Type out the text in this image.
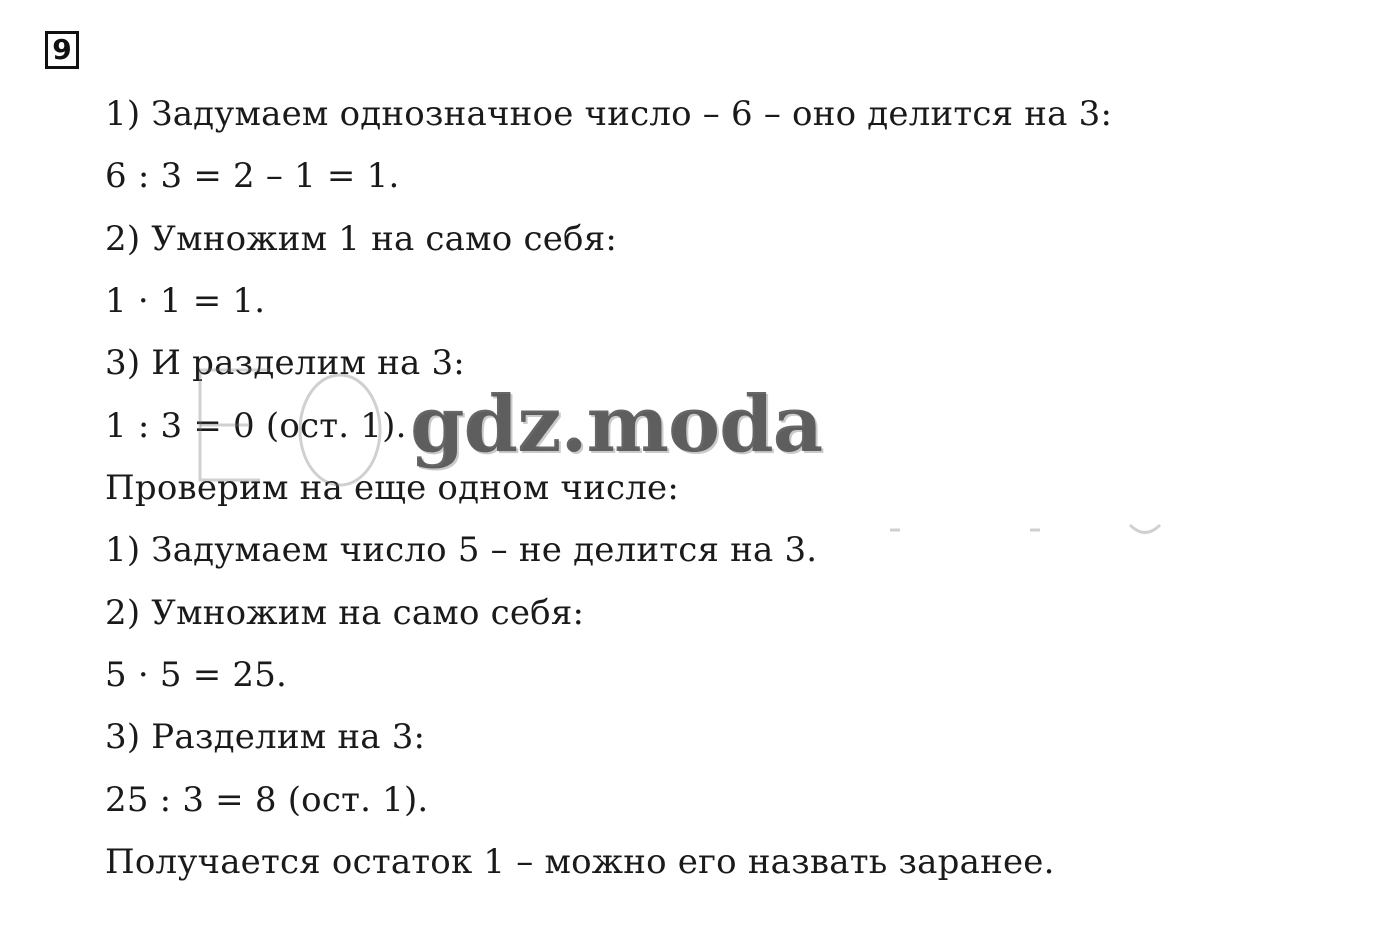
9
1) Задумаем однозначное число – 6 – оно делится на 3:
6 : 3 = 2 – 1 = 1.
2) Умножим 1 на само себя:
1 · 1 = 1.
3) И разделим на 3:
1 : 3 = 0 (ост. 1).
Проверим на еще одном числе:
1) Задумаем число 5 – не делится на 3.
2) Умножим на само себя:
5 · 5 = 25.
3) Разделим на 3:
25 : 3 = 8 (ост. 1).
Получается остаток 1 – можно его назвать заранее.
gdz.moda
